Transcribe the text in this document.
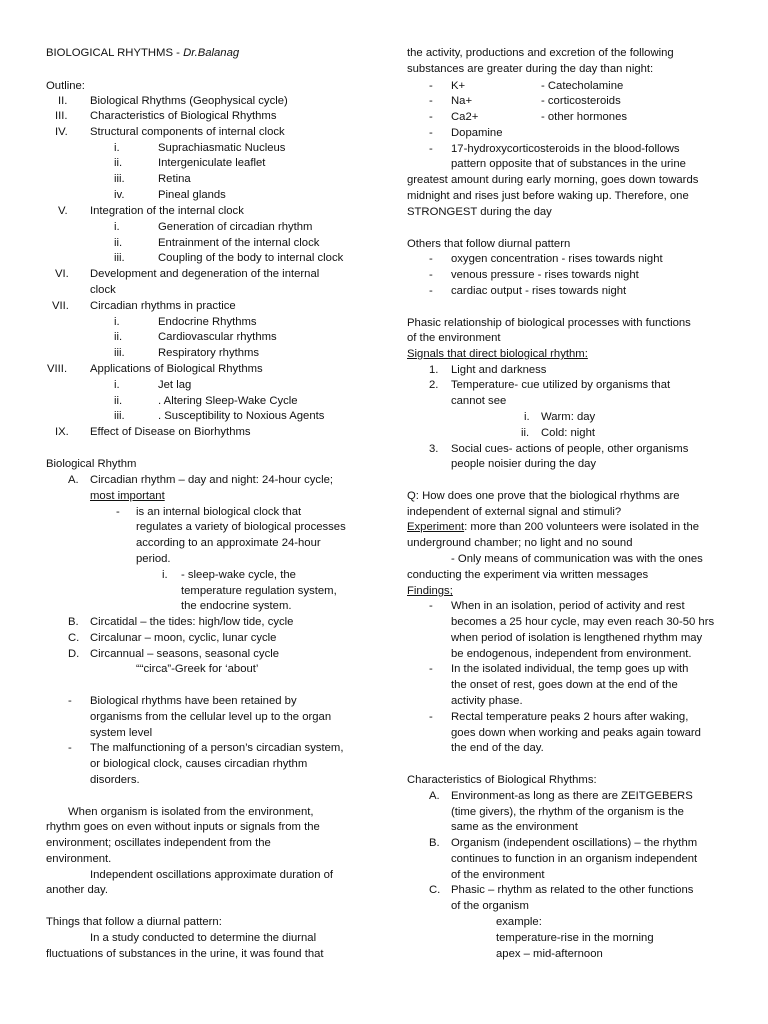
BIOLOGICAL RHYTHMS - Dr.Balanag
Outline:
II. Biological Rhythms (Geophysical cycle)
III. Characteristics of Biological Rhythms
IV. Structural components of internal clock
i.	Suprachiasmatic Nucleus
ii.	Intergeniculate leaflet
iii.	Retina
iv.	Pineal glands
V. Integration of the internal clock
i.	Generation of circadian rhythm
ii.	Entrainment of the internal clock
iii.	Coupling of the body to internal clock
VI. Development and degeneration of the internal
clock
VII. Circadian rhythms in practice
i.	Endocrine Rhythms
ii.	Cardiovascular rhythms
iii.	Respiratory rhythms
VIII. Applications of Biological Rhythms
i.	Jet lag
ii.	. Altering Sleep-Wake Cycle
iii.	. Susceptibility to Noxious Agents
IX. Effect of Disease on Biorhythms
Biological Rhythm
A. Circadian rhythm – day and night: 24-hour cycle;
most important
- is an internal biological clock that
regulates a variety of biological processes
according to an approximate 24-hour
period.
i. - sleep-wake cycle, the
temperature regulation system,
the endocrine system.
B. Circatidal – the tides: high/low tide, cycle
C. Circalunar – moon, cyclic, lunar cycle
D. Circannual – seasons, seasonal cycle
““circa”-Greek for ‘about’
- Biological rhythms have been retained by
organisms from the cellular level up to the organ
system level
- The malfunctioning of a person’s circadian system,
or biological clock, causes circadian rhythm
disorders.
When organism is isolated from the environment,
rhythm goes on even without inputs or signals from the
environment; oscillates independent from the
environment.
Independent oscillations approximate duration of
another day.
Things that follow a diurnal pattern:
In a study conducted to determine the diurnal
fluctuations of substances in the urine, it was found that
the activity, productions and excretion of the following
substances are greater during the day than night:
- K+	- Catecholamine
- Na+	- corticosteroids
- Ca2+	- other hormones
- Dopamine
- 17-hydroxycorticosteroids in the blood-follows
pattern opposite that of substances in the urine
greatest amount during early morning, goes down towards
midnight and rises just before waking up. Therefore, one
STRONGEST during the day
Others that follow diurnal pattern
- oxygen concentration - rises towards night
- venous pressure - rises towards night
- cardiac output - rises towards night
Phasic relationship of biological processes with functions
of the environment
Signals that direct biological rhythm:
1. Light and darkness
2. Temperature- cue utilized by organisms that
cannot see
i. Warm: day
ii. Cold: night
3. Social cues- actions of people, other organisms
people noisier during the day
Q: How does one prove that the biological rhythms are
independent of external signal and stimuli?
Experiment: more than 200 volunteers were isolated in the
underground chamber; no light and no sound
- Only means of communication was with the ones
conducting the experiment via written messages
Findings;
- When in an isolation, period of activity and rest
becomes a 25 hour cycle, may even reach 30-50 hrs
when period of isolation is lengthened rhythm may
be endogenous, independent from environment.
- In the isolated individual, the temp goes up with
the onset of rest, goes down at the end of the
activity phase.
- Rectal temperature peaks 2 hours after waking,
goes down when working and peaks again toward
the end of the day.
Characteristics of Biological Rhythms:
A. Environment-as long as there are ZEITGEBERS
(time givers), the rhythm of the organism is the
same as the environment
B. Organism (independent oscillations) – the rhythm
continues to function in an organism independent
of the environment
C. Phasic – rhythm as related to the other functions
of the organism
example:
temperature-rise in the morning
apex – mid-afternoon
